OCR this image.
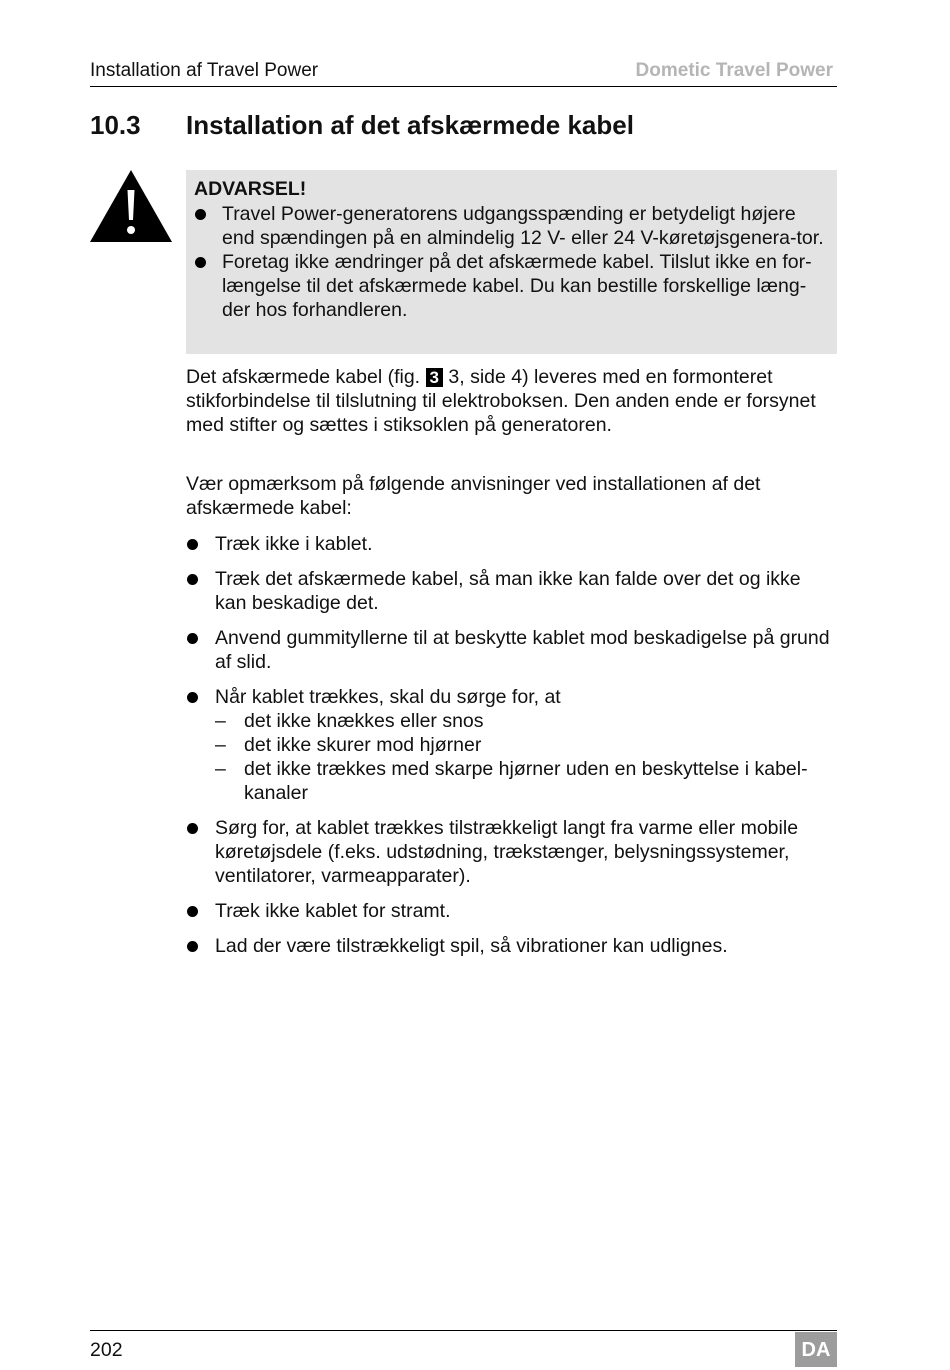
Installation af Travel Power	Dometic Travel Power
10.3 Installation af det afskærmede kabel
ADVARSEL!
Travel Power-generatorens udgangsspænding er betydeligt højere end spændingen på en almindelig 12 V- eller 24 V-køretøjsgenera-tor.
Foretag ikke ændringer på det afskærmede kabel. Tilslut ikke en for-længelse til det afskærmede kabel. Du kan bestille forskellige læng-der hos forhandleren.
Det afskærmede kabel (fig. 3 3, side 4) leveres med en formonteret stikforbindelse til tilslutning til elektroboksen. Den anden ende er forsynet med stifter og sættes i stiksoklen på generatoren.
Vær opmærksom på følgende anvisninger ved installationen af det afskærmede kabel:
Træk ikke i kablet.
Træk det afskærmede kabel, så man ikke kan falde over det og ikke kan beskadige det.
Anvend gummityllerne til at beskytte kablet mod beskadigelse på grund af slid.
Når kablet trækkes, skal du sørge for, at
– det ikke knækkes eller snos
– det ikke skurer mod hjørner
– det ikke trækkes med skarpe hjørner uden en beskyttelse i kabel-kanaler
Sørg for, at kablet trækkes tilstrækkeligt langt fra varme eller mobile køretøjsdele (f.eks. udstødning, trækstænger, belysningssystemer, ventilatorer, varmeapparater).
Træk ikke kablet for stramt.
Lad der være tilstrækkeligt spil, så vibrationer kan udlignes.
202	DA
